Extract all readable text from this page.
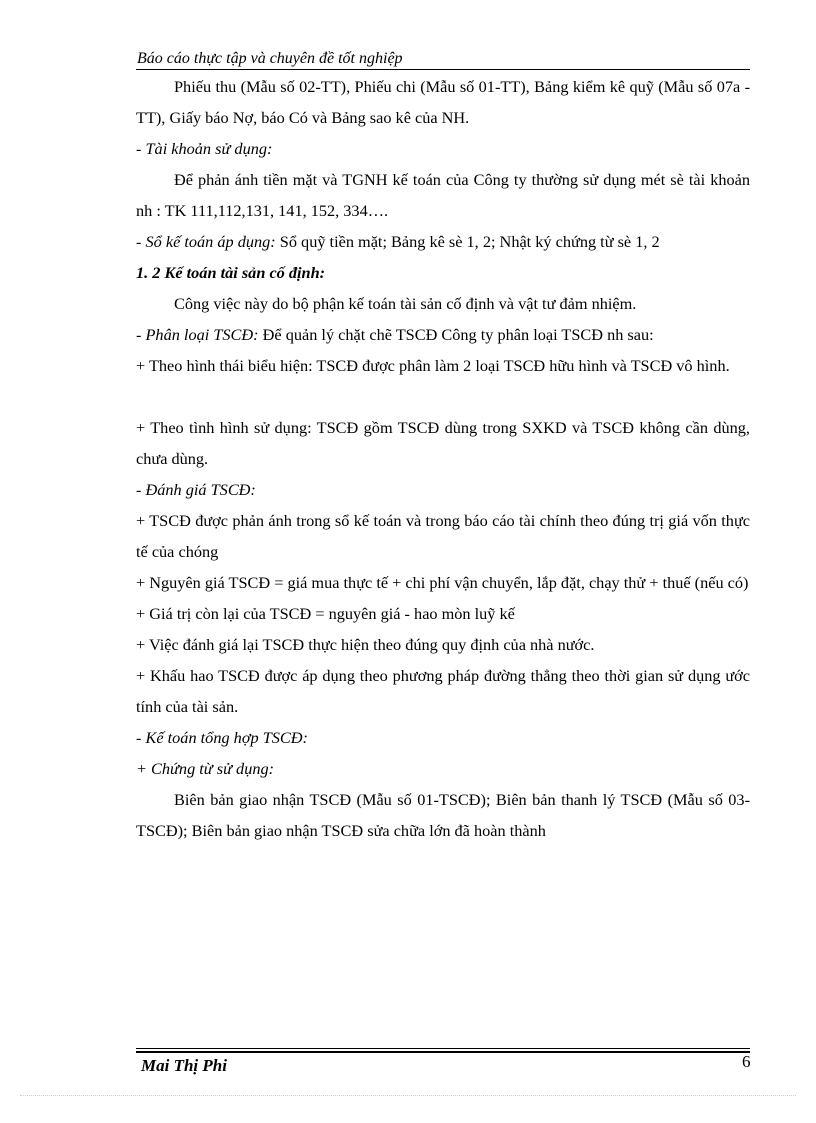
Báo cáo thực tập và chuyên đề tốt nghiệp

Phiếu thu (Mẫu số 02-TT), Phiếu chi (Mẫu số 01-TT), Bảng kiểm kê quỹ (Mẫu số 07a -TT), Giấy báo Nợ, báo Có và Bảng sao kê của NH.

- Tài khoản sử dụng:

Để phản ánh tiền mặt và TGNH kế toán của Công ty thường sử dụng mét sè tài khoản nh : TK 111,112,131, 141, 152, 334….

- Sổ kế toán áp dụng: Sổ quỹ tiền mặt; Bảng kê sè 1, 2; Nhật ký chứng từ sè 1, 2

1. 2 Kế toán tài sản cố định:

Công việc này do bộ phận kế toán tài sản cố định và vật tư đảm nhiệm.

- Phân loại TSCĐ: Để quản lý chặt chẽ TSCĐ Công ty phân loại TSCĐ nh sau:

+ Theo hình thái biểu hiện: TSCĐ được phân làm 2 loại TSCĐ hữu hình và TSCĐ vô hình.

+ Theo tình hình sử dụng: TSCĐ gồm TSCĐ dùng trong SXKD và TSCĐ không cần dùng, chưa dùng.

- Đánh giá TSCĐ:

+ TSCĐ được phản ánh trong sổ kế toán và trong báo cáo tài chính theo đúng trị giá vốn thực tế của chóng

+ Nguyên giá TSCĐ = giá mua thực tế + chi phí vận chuyển, lắp đặt, chạy thử + thuế (nếu có)

+ Giá trị còn lại của TSCĐ = nguyên giá - hao mòn luỹ kế

+ Việc đánh giá lại TSCĐ thực hiện theo đúng quy định của nhà nước.

+ Khấu hao TSCĐ được áp dụng theo phương pháp đường thẳng theo thời gian sử dụng ước tính của tài sản.

- Kế toán tổng hợp TSCĐ:

+ Chứng từ sử dụng:

Biên bản giao nhận TSCĐ (Mẫu số 01-TSCĐ); Biên bản thanh lý TSCĐ (Mẫu số 03- TSCĐ); Biên bản giao nhận TSCĐ sửa chữa lớn đã hoàn thành

Mai Thị Phi	6
